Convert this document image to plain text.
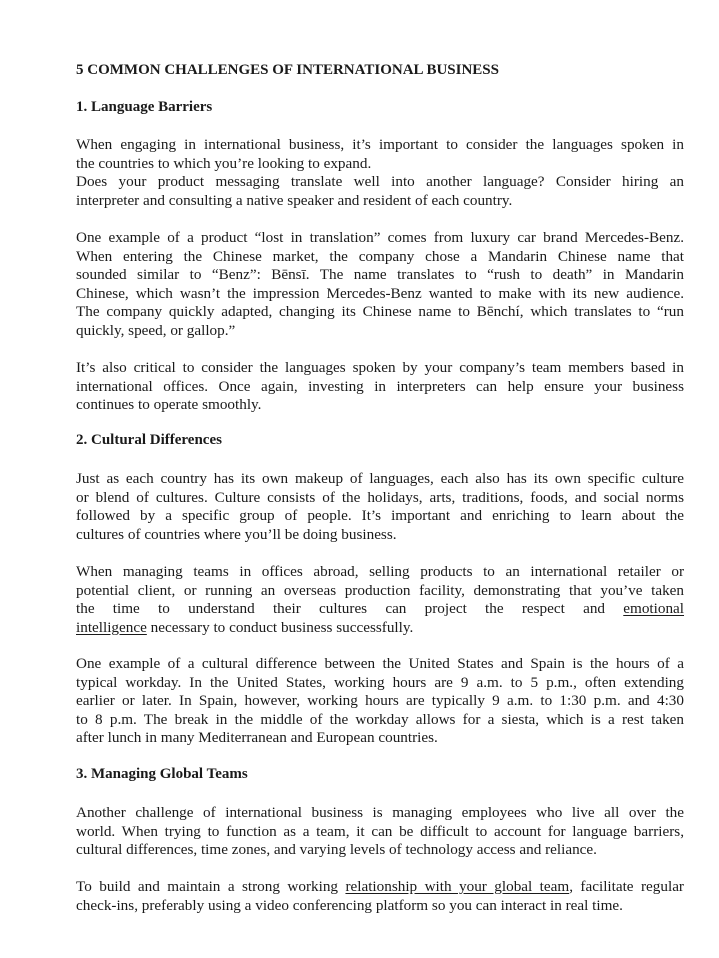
5 COMMON CHALLENGES OF INTERNATIONAL BUSINESS
1. Language Barriers
When engaging in international business, it’s important to consider the languages spoken in
the countries to which you’re looking to expand.
Does your product messaging translate well into another language? Consider hiring an
interpreter and consulting a native speaker and resident of each country.
One example of a product “lost in translation” comes from luxury car brand Mercedes-Benz.
When entering the Chinese market, the company chose a Mandarin Chinese name that
sounded similar to “Benz”: Bēnsī. The name translates to “rush to death” in Mandarin
Chinese, which wasn’t the impression Mercedes-Benz wanted to make with its new audience.
The company quickly adapted, changing its Chinese name to Bēnchí, which translates to “run
quickly, speed, or gallop.”
It’s also critical to consider the languages spoken by your company’s team members based in
international offices. Once again, investing in interpreters can help ensure your business
continues to operate smoothly.
2. Cultural Differences
Just as each country has its own makeup of languages, each also has its own specific culture
or blend of cultures. Culture consists of the holidays, arts, traditions, foods, and social norms
followed by a specific group of people. It’s important and enriching to learn about the
cultures of countries where you’ll be doing business.
When managing teams in offices abroad, selling products to an international retailer or
potential client, or running an overseas production facility, demonstrating that you’ve taken
the time to understand their cultures can project the respect and emotional
intelligence necessary to conduct business successfully.
One example of a cultural difference between the United States and Spain is the hours of a
typical workday. In the United States, working hours are 9 a.m. to 5 p.m., often extending
earlier or later. In Spain, however, working hours are typically 9 a.m. to 1:30 p.m. and 4:30
to 8 p.m. The break in the middle of the workday allows for a siesta, which is a rest taken
after lunch in many Mediterranean and European countries.
3. Managing Global Teams
Another challenge of international business is managing employees who live all over the
world. When trying to function as a team, it can be difficult to account for language barriers,
cultural differences, time zones, and varying levels of technology access and reliance.
To build and maintain a strong working relationship with your global team, facilitate regular
check-ins, preferably using a video conferencing platform so you can interact in real time.
